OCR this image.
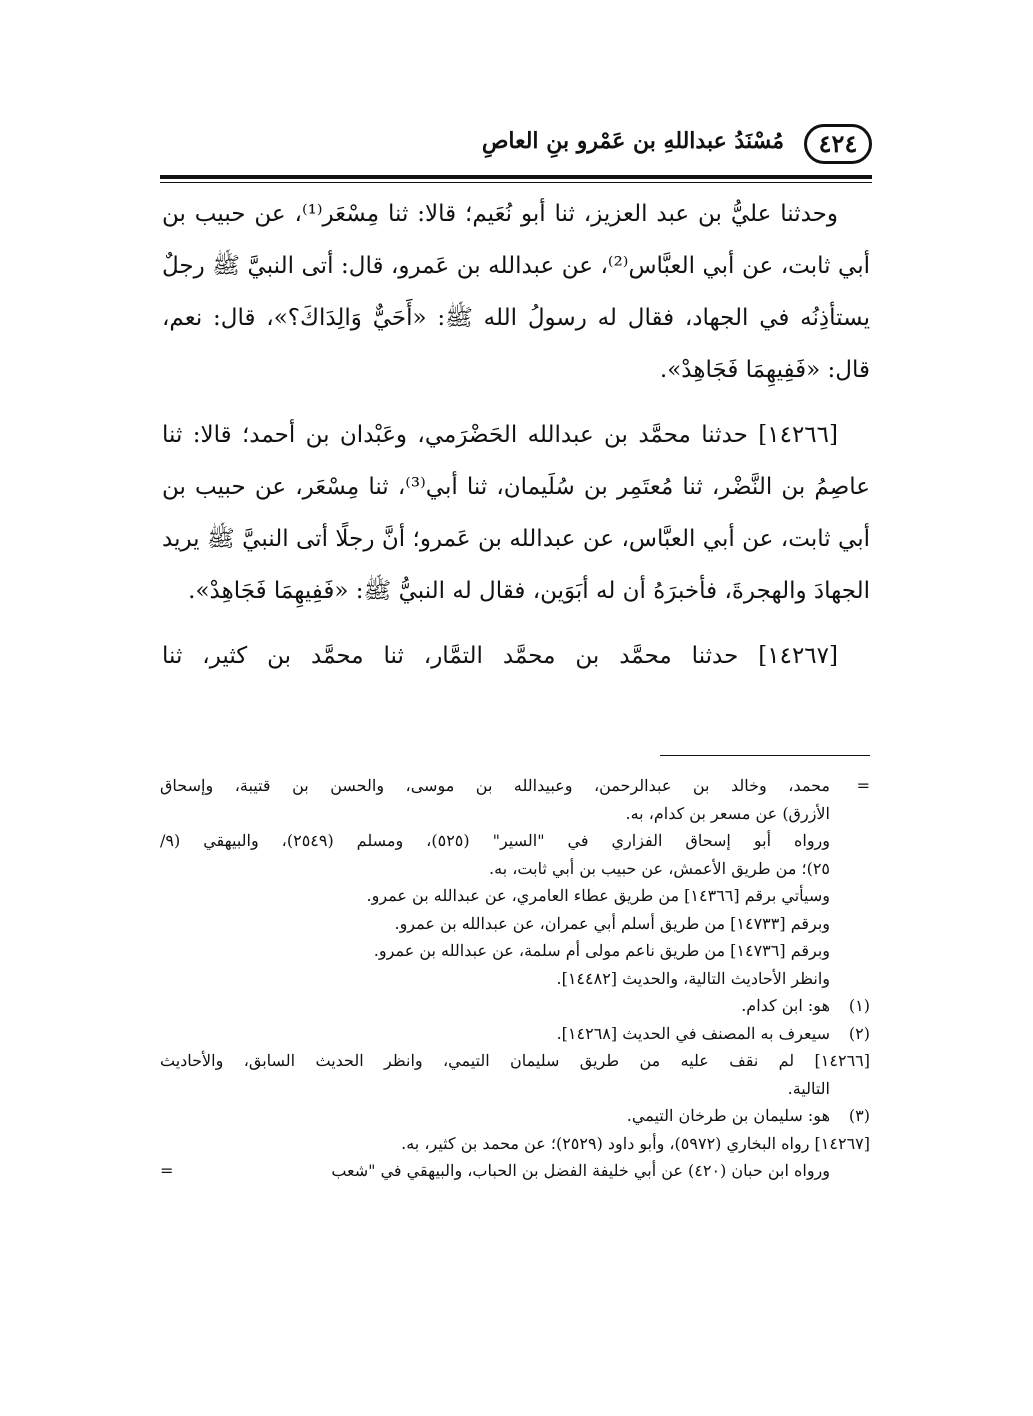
٤٢٤
مُسْنَدُ عبداللهِ بن عَمْرو بنِ العاصِ

وحدثنا عليُّ بن عبد العزيز، ثنا أبو نُعَيم؛ قالا: ثنا مِسْعَر⁽¹⁾، عن حبيب بن أبي ثابت، عن أبي العبَّاس⁽²⁾، عن عبدالله بن عَمرو، قال: أتى النبيَّ ﷺ رجلٌ يستأذِنُه في الجهاد، فقال له رسولُ الله ﷺ: «أَحَيٌّ وَالِدَاكَ؟»، قال: نعم، قال: «فَفِيهِمَا فَجَاهِدْ».

[١٤٢٦٦] حدثنا محمَّد بن عبدالله الحَضْرَمي، وعَبْدان بن أحمد؛ قالا: ثنا عاصِمُ بن النَّضْر، ثنا مُعتَمِر بن سُلَيمان، ثنا أبي⁽³⁾، ثنا مِسْعَر، عن حبيب بن أبي ثابت، عن أبي العبَّاس، عن عبدالله بن عَمرو؛ أنَّ رجلًا أتى النبيَّ ﷺ يريد الجهادَ والهجرةَ، فأخبرَهُ أن له أبَوَين، فقال له النبيُّ ﷺ: «فَفِيهِمَا فَجَاهِدْ».

[١٤٢٦٧] حدثنا محمَّد بن محمَّد التمَّار، ثنا محمَّد بن كثير، ثنا

=
محمد، وخالد بن عبدالرحمن، وعبيدالله بن موسى، والحسن بن قتيبة، وإسحاق
الأزرق) عن مسعر بن كدام، به.
ورواه أبو إسحاق الفزاري في "السير" (٥٢٥)، ومسلم (٢٥٤٩)، والبيهقي (٩/
٢٥)؛ من طريق الأعمش، عن حبيب بن أبي ثابت، به.
وسيأتي برقم [١٤٣٦٦] من طريق عطاء العامري، عن عبدالله بن عمرو.
وبرقم [١٤٧٣٣] من طريق أسلم أبي عمران، عن عبدالله بن عمرو.
وبرقم [١٤٧٣٦] من طريق ناعم مولى أم سلمة، عن عبدالله بن عمرو.
وانظر الأحاديث التالية، والحديث [١٤٤٨٢].
(١)
هو: ابن كدام.
(٢)
سيعرف به المصنف في الحديث [١٤٢٦٨].
[١٤٢٦٦] لم نقف عليه من طريق سليمان التيمي، وانظر الحديث السابق، والأحاديث
التالية.
(٣)
هو: سليمان بن طرخان التيمي.
[١٤٢٦٧] رواه البخاري (٥٩٧٢)، وأبو داود (٢٥٢٩)؛ عن محمد بن كثير، به.
ورواه ابن حبان (٤٢٠) عن أبي خليفة الفضل بن الحباب، والبيهقي في "شعب
=
